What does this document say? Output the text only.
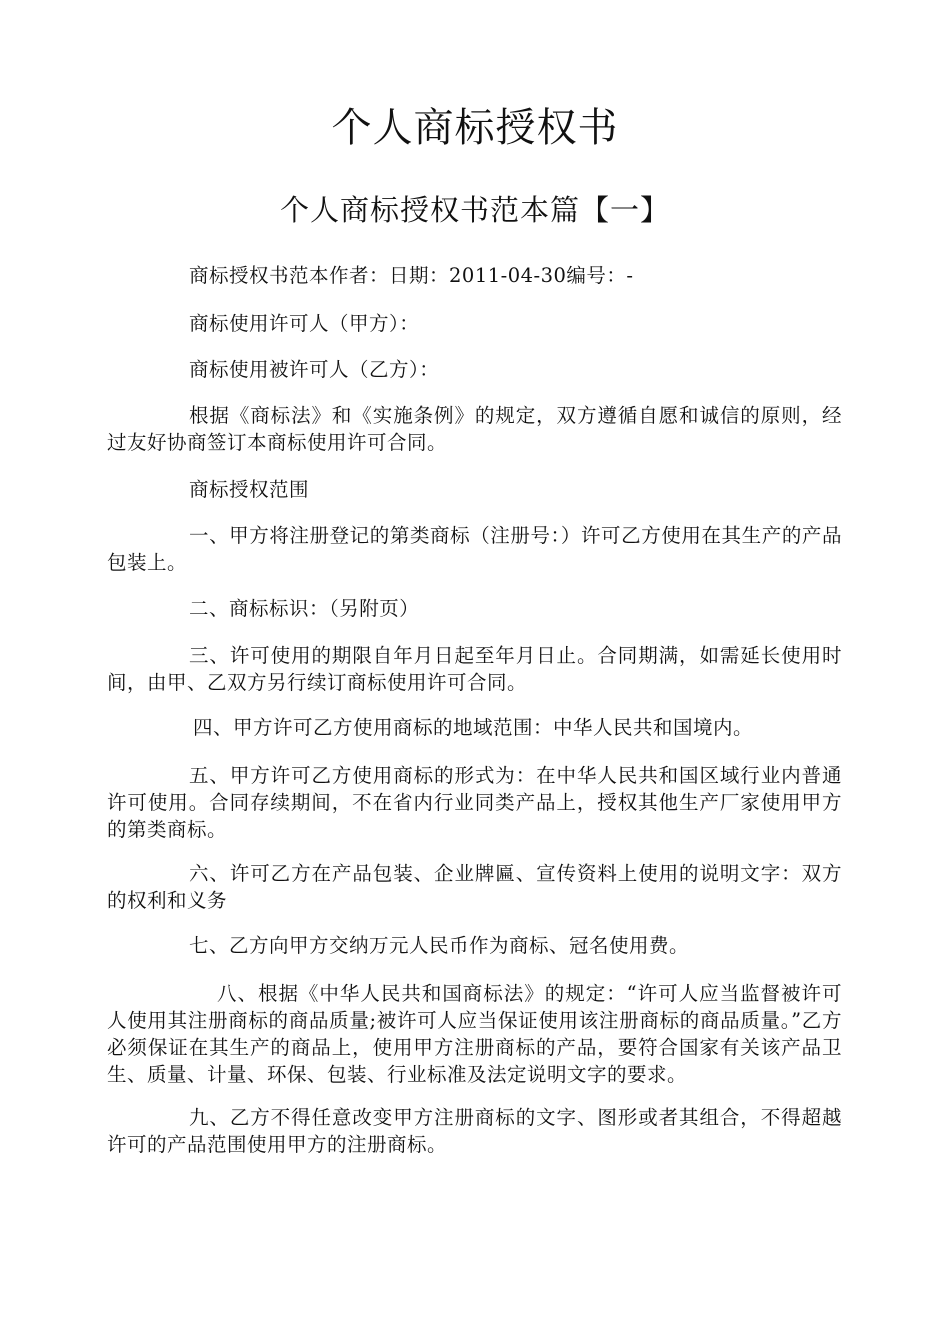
个人商标授权书
个人商标授权书范本篇【一】

商标授权书范本作者：日期：2011-04-30编号：-

商标使用许可人（甲方）：

商标使用被许可人（乙方）：

根据《商标法》和《实施条例》的规定，双方遵循自愿和诚信的原则，经过友好协商签订本商标使用许可合同。

商标授权范围

一、甲方将注册登记的第类商标（注册号：）许可乙方使用在其生产的产品包装上。

二、商标标识：（另附页）

三、许可使用的期限自年月日起至年月日止。合同期满，如需延长使用时间，由甲、乙双方另行续订商标使用许可合同。

四、甲方许可乙方使用商标的地域范围：中华人民共和国境内。

五、甲方许可乙方使用商标的形式为：在中华人民共和国区域行业内普通许可使用。合同存续期间，不在省内行业同类产品上，授权其他生产厂家使用甲方的第类商标。

六、许可乙方在产品包装、企业牌匾、宣传资料上使用的说明文字：双方的权利和义务

七、乙方向甲方交纳万元人民币作为商标、冠名使用费。

八、根据《中华人民共和国商标法》的规定：“许可人应当监督被许可人使用其注册商标的商品质量;被许可人应当保证使用该注册商标的商品质量。”乙方必须保证在其生产的商品上，使用甲方注册商标的产品，要符合国家有关该产品卫生、质量、计量、环保、包装、行业标准及法定说明文字的要求。

九、乙方不得任意改变甲方注册商标的文字、图形或者其组合，不得超越许可的产品范围使用甲方的注册商标。
